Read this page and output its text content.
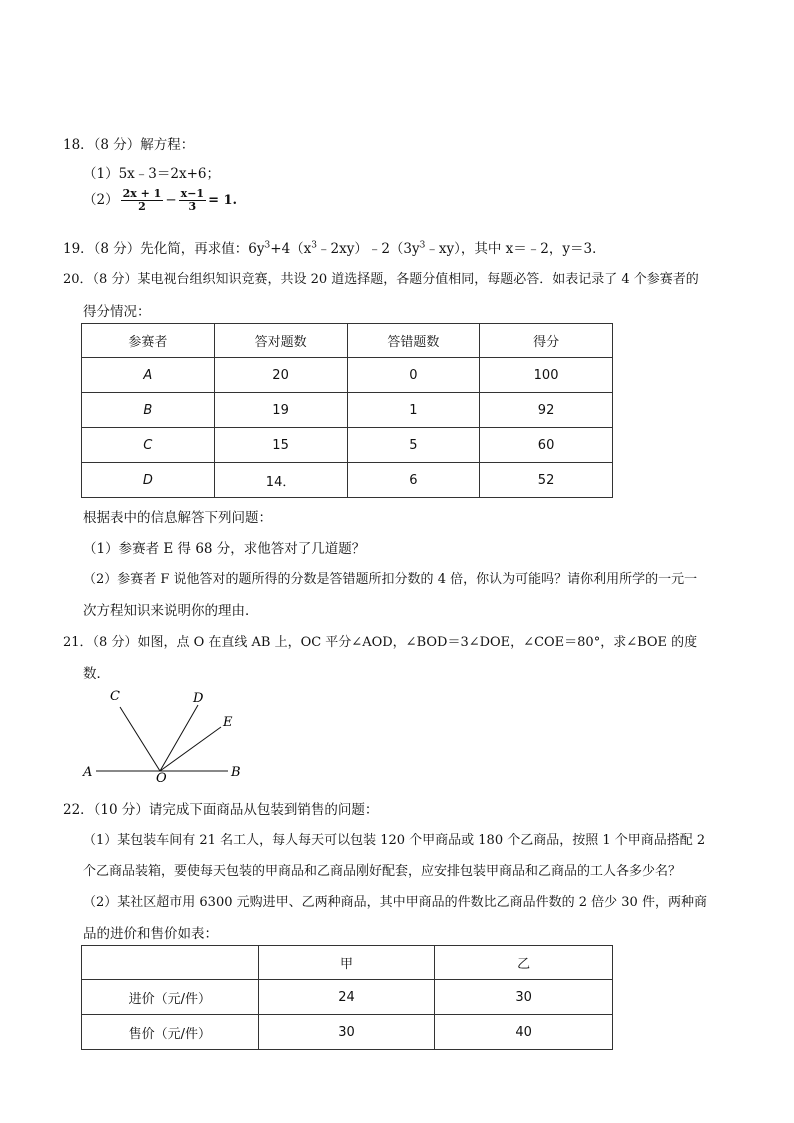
18．（8 分）解方程：
（1）5x﹣3＝2x+6；
$(2) \frac{2x + 1}{2} - \frac{x-1}{3} = 1$.
19．（8 分）先化简，再求值：$6y^3+4(x^3﹣2xy)﹣2(3y^3﹣xy)$，其中 x＝﹣2，y＝3．
20．（8 分）某电视台组织知识竞赛，共设 20 道选择题，各题分值相同，每题必答．如表记录了 4 个参赛者的
得分情况：
参赛者	答对题数	答错题数	得分
A	20	0	100
B	19	1	92
C	15	5	60
D	14．	6	52
根据表中的信息解答下列问题：
（1）参赛者 E 得 68 分，求他答对了几道题？
（2）参赛者 F 说他答对的题所得的分数是答错题所扣分数的 4 倍，你认为可能吗？请你利用所学的一元一
次方程知识来说明你的理由．
21．（8 分）如图，点 O 在直线 AB 上，OC 平分∠AOD，∠BOD＝3∠DOE，∠COE＝80°，求∠BOE 的度
数．
C	D
E
A	O	B
22．（10 分）请完成下面商品从包装到销售的问题：
（1）某包装车间有 21 名工人，每人每天可以包装 120 个甲商品或 180 个乙商品，按照 1 个甲商品搭配 2
个乙商品装箱，要使每天包装的甲商品和乙商品刚好配套，应安排包装甲商品和乙商品的工人各多少名？
（2）某社区超市用 6300 元购进甲、乙两种商品，其中甲商品的件数比乙商品件数的 2 倍少 30 件，两种商
品的进价和售价如表：
	甲	乙
进价（元/件）	24	30
售价（元/件）	30	40
